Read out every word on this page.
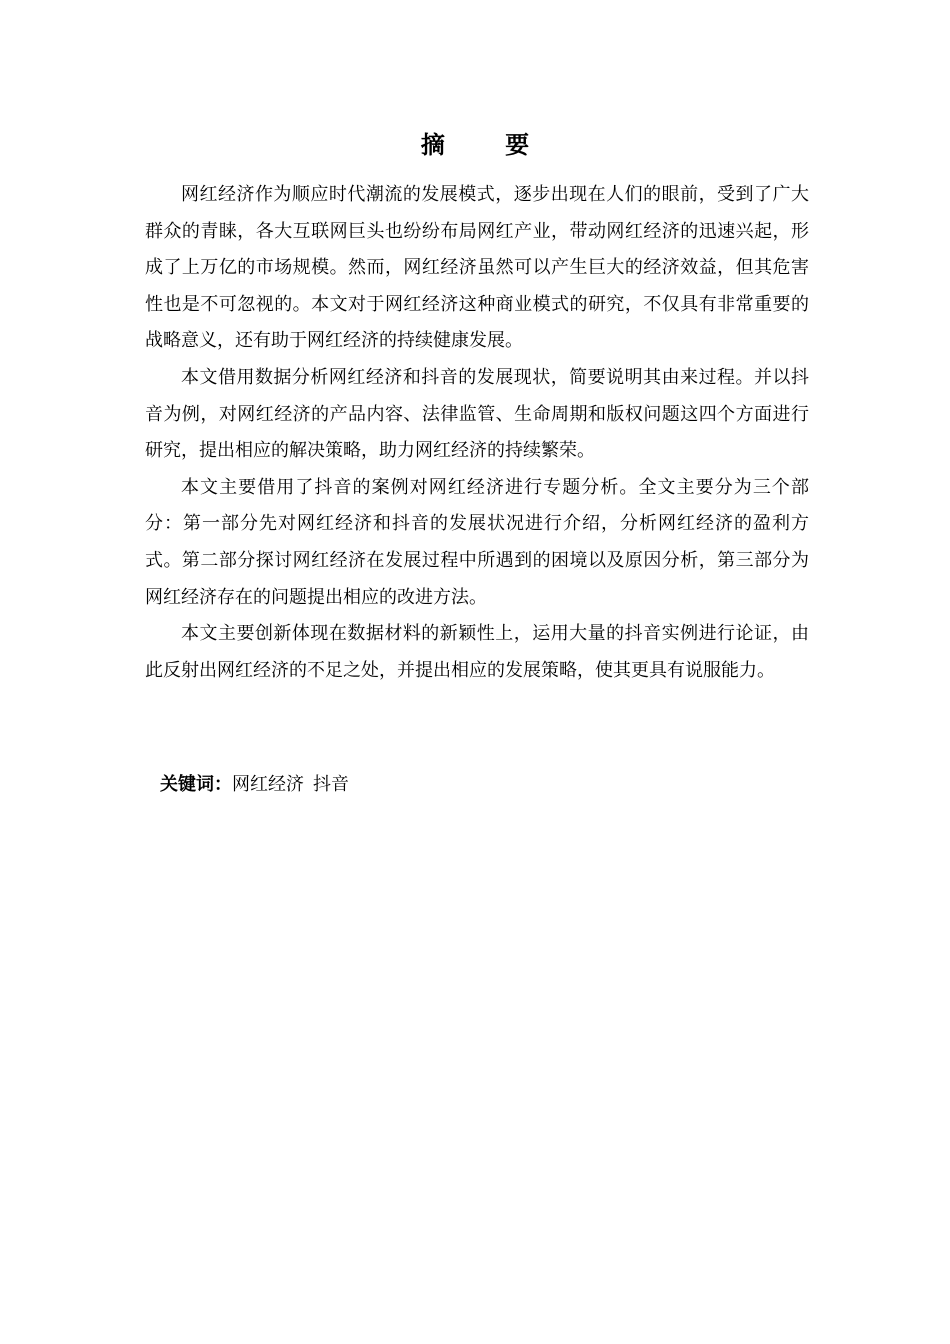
摘 要

网红经济作为顺应时代潮流的发展模式，逐步出现在人们的眼前，受到了广大群众的青睐，各大互联网巨头也纷纷布局网红产业，带动网红经济的迅速兴起，形成了上万亿的市场规模。然而，网红经济虽然可以产生巨大的经济效益，但其危害性也是不可忽视的。本文对于网红经济这种商业模式的研究，不仅具有非常重要的战略意义，还有助于网红经济的持续健康发展。

本文借用数据分析网红经济和抖音的发展现状，简要说明其由来过程。并以抖音为例，对网红经济的产品内容、法律监管、生命周期和版权问题这四个方面进行研究，提出相应的解决策略，助力网红经济的持续繁荣。

本文主要借用了抖音的案例对网红经济进行专题分析。全文主要分为三个部分：第一部分先对网红经济和抖音的发展状况进行介绍，分析网红经济的盈利方式。第二部分探讨网红经济在发展过程中所遇到的困境以及原因分析，第三部分为网红经济存在的问题提出相应的改进方法。

本文主要创新体现在数据材料的新颖性上，运用大量的抖音实例进行论证，由此反射出网红经济的不足之处，并提出相应的发展策略，使其更具有说服能力。

关键词：网红经济 抖音
